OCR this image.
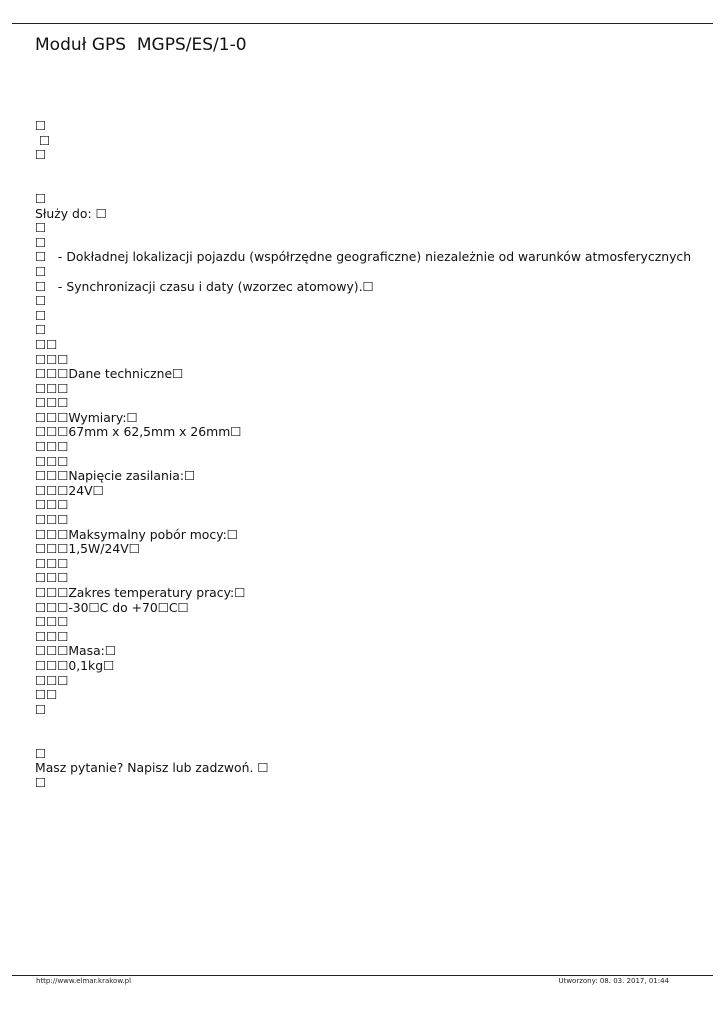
Moduł GPS  MGPS/ES/1-0
☐
☐
☐
☐
Służy do: ☐
☐
☐
☐   - Dokładnej lokalizacji pojazdu (współrzędne geograficzne) niezależnie od warunków atmosferycznych
☐
☐   - Synchronizacji czasu i daty (wzorzec atomowy).☐
☐
☐
☐
☐☐
☐☐☐
☐☐☐Dane techniczne☐
☐☐☐
☐☐☐
☐☐☐Wymiary:☐
☐☐☐67mm x 62,5mm x 26mm☐
☐☐☐
☐☐☐
☐☐☐Napięcie zasilania:☐
☐☐☐24V☐
☐☐☐
☐☐☐
☐☐☐Maksymalny pobór mocy:☐
☐☐☐1,5W/24V☐
☐☐☐
☐☐☐
☐☐☐Zakres temperatury pracy:☐
☐☐☐-30☐C do +70☐C☐
☐☐☐
☐☐☐
☐☐☐Masa:☐
☐☐☐0,1kg☐
☐☐☐
☐☐
☐
☐
Masz pytanie? Napisz lub zadzwoń. ☐
☐
http://www.elmar.krakow.pl	Utworzony: 08. 03. 2017, 01:44
